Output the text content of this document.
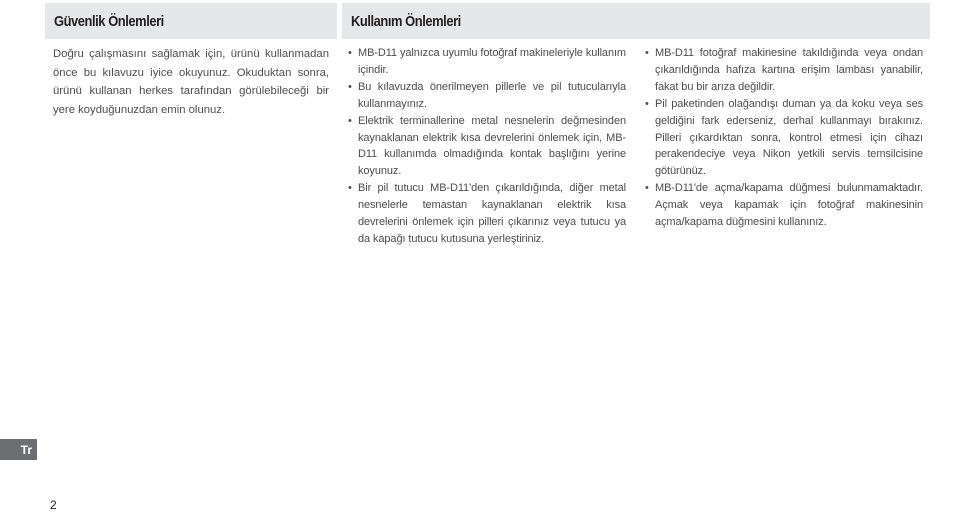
Güvenlik Önlemleri	Kullanım Önlemleri

Doğru çalışmasını sağlamak için, ürünü kullanmadan önce bu kılavuzu iyice okuyunuz. Okuduktan sonra, ürünü kullanan herkes tarafından görülebileceği bir yere koyduğunuzdan emin olunuz.

• MB-D11 yalnızca uyumlu fotoğraf makineleriyle kullanım içindir.
• Bu kılavuzda önerilmeyen pillerle ve pil tutucularıyla kullanmayınız.
• Elektrik terminallerine metal nesnelerin değmesinden kaynaklanan elektrik kısa devrelerini önlemek için, MB-D11 kullanımda olmadığında kontak başlığını yerine koyunuz.
• Bir pil tutucu MB-D11'den çıkarıldığında, diğer metal nesnelerle temastan kaynaklanan elektrik kısa devrelerini önlemek için pilleri çıkarınız veya tutucu ya da kapağı tutucu kutusuna yerleştiriniz.
• MB-D11 fotoğraf makinesine takıldığında veya ondan çıkarıldığında hafıza kartına erişim lambası yanabilir, fakat bu bir arıza değildir.
• Pil paketinden olağandışı duman ya da koku veya ses geldiğini fark ederseniz, derhal kullanmayı bırakınız. Pilleri çıkardıktan sonra, kontrol etmesi için cihazı perakendeciye veya Nikon yetkili servis temsilcisine götürünüz.
• MB-D11'de açma/kapama düğmesi bulunmamaktadır. Açmak veya kapamak için fotoğraf makinesinin açma/kapama düğmesini kullanınız.
Tr
2
